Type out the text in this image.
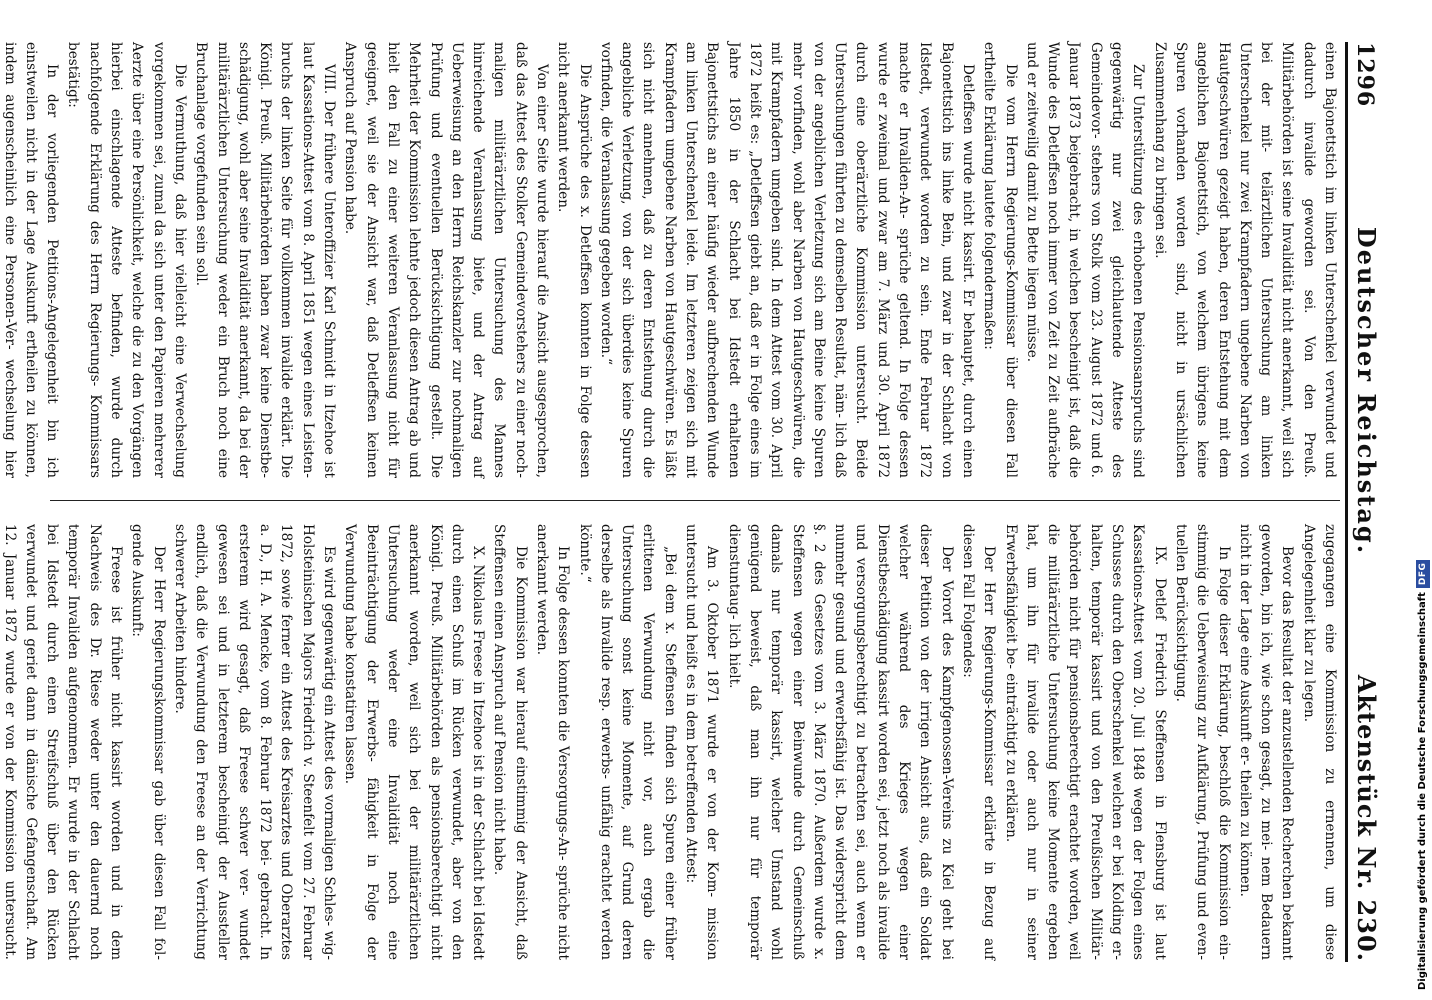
1296
Deutscher Reichstag.
Aktenstück Nr. 230.

einen Bajonettstich im linken Unterschenkel verwundet und dadurch invalide geworden sei. Von den Preuß. Militärbehörden ist seine Invalidität nicht anerkannt, weil sich bei der mit- telärztlichen Untersuchung am linken Unterschenkel nur zwei Krampfadern ungebene Narben von Hautgeschwüren gezeigt haben, deren Entstehung mit dem angeblichen Bajonettstich, von welchem übrigens keine Spuren vorhanden worden sind, nicht in ursächlichen Zusammenhang zu bringen sei.

Zur Unterstützung des erhobenen Pensionsanspruchs sind gegenwärtig nur zwei gleichlautende Atteste des Gemeindevor- stehers von Stolk vom 23. August 1872 und 6. Januar 1873 beigebracht, in welchen bescheinigt ist, daß die Wunde des Detleffsen noch immer von Zeit zu Zeit aufbräche und er zeitweilig damit zu Bette liegen müsse.

Die vom Herrn Regierungs-Kommissar über diesen Fall ertheilte Erklärung lautete folgendermaßen:

Detleffsen wurde nicht kassirt. Er behauptet, durch einen Bajonettstich ins linke Bein, und zwar in der Schlacht von Idstedt, verwundet worden zu sein. Ende Februar 1872 machte er Invaliden-An- sprüche geltend. In Folge dessen wurde er zweimal und zwar am 7. März und 30. April 1872 durch eine oberärztliche Kommission untersucht. Beide Untersuchungen führten zu demselben Resultat, näm- lich daß von der angeblichen Verletzung sich am Beine keine Spuren mehr vorfinden, wohl aber Narben von Hautgeschwüren, die mit Krampfadern umgeben sind. In dem Attest vom 30. April 1872 heißt es: „Detleffsen giebt an, daß er in Folge eines im Jahre 1850 in der Schlacht bei Idstedt erhaltenen Bajonettstichs an einer häufig wieder aufbrechenden Wunde am linken Unterschenkel leide. Im letzteren zeigen sich mit Krampfadern umgebene Narben von Hautgeschwüren. Es läßt sich nicht annehmen, daß zu deren Entstehung durch die angebliche Verletzung, von der sich überdies keine Spuren vorfinden, die Veranlassung gegeben worden.“

Die Ansprüche des x. Detleffsen konnten in Folge dessen nicht anerkannt werden.

Von einer Seite wurde hierauf die Ansicht ausgesprochen, daß das Attest des Stolker Gemeindevorstehers zu einer noch- maligen militärärztlichen Untersuchung des Mannes hinreichende Veranlassung biete, und der Antrag auf Ueberweisung an den Herrn Reichskanzler zur nochmaligen Prüfung und eventuellen Berücksichtigung gestellt. Die Mehrheit der Kommission lehnte jedoch diesen Antrag ab und hielt den Fall zu einer weiteren Veranlassung nicht für geeignet, weil sie der Ansicht war, daß Detleffsen keinen Anspruch auf Pension habe.

VIII. Der frühere Unteroffizier Karl Schmidt in Itzehoe ist laut Kassations-Attest vom 8. April 1851 wegen eines Leisten- bruchs der linken Seite für vollkommen invalide erklärt. Die Königl. Preuß. Militärbehörden haben zwar keine Dienstbe- schädigung, wohl aber seine Invalidität anerkannt, da bei der militärärztlichen Untersuchung weder ein Bruch noch eine Bruchanlage vorgefunden sein soll.

Die Vermuthung, daß hier vielleicht eine Verwechselung vorgekommen sei, zumal da sich unter den Papieren mehrerer Aerzte über eine Persönlichkeit, welche die zu den Vorgängen hierbei einschlagende Atteste befinden, wurde durch nachfolgende Erklärung des Herrn Regierungs- Kommissars bestätigt:

In der vorliegenden Petitions-Angelegenheit bin ich einstweilen nicht in der Lage Auskunft ertheilen zu können, indem augenscheinlich eine Personen-Ver- wechselung hier

zugegangen eine Kommission zu ernennen, um diese Angelegenheit klar zu legen.

Bevor das Resultat der anzustellenden Recherchen bekannt geworden, bin ich, wie schon gesagt, zu mei- nem Bedauern nicht in der Lage eine Auskunft er- theilen zu können.

In Folge dieser Erklärung, beschloß die Kommission ein- stimmig die Ueberweisung zur Aufklärung, Prüfung und even- tuellen Berücksichtigung.

IX. Detlef Friedrich Steffensen in Flensburg ist laut Kassations-Attest vom 20. Juli 1848 wegen der Folgen eines Schusses durch den Oberschenkel welchen er bei Kolding er- halten, temporär kassirt und von den Preußischen Militär- behörden nicht für pensionsberechtigt erachtet worden, weil die militärärztliche Untersuchung keine Momente ergeben hat, um ihn für invalide oder auch nur in seiner Erwerbsfähigkeit be- einträchtigt zu erklären.

Der Herr Regierungs-Kommissar erklärte in Bezug auf diesen Fall Folgendes:

Der Vorort des Kampfgenossen-Vereins zu Kiel geht bei dieser Petition von der irrigen Ansicht aus, daß ein Soldat welcher während des Krieges wegen einer Dienstbeschädigung kassirt worden sei, jetzt noch als invalide und versorgungsberechtigt zu betrachten sei, auch wenn er nunmehr gesund und erwerbsfähig ist. Das widerspricht dem §. 2 des Gesetzes vom 3. März 1870. Außerdem wurde x. Steffensen wegen einer Beinwunde durch Gemeinschuß damals nur temporär kassirt, welcher Umstand wohl genügend beweist, daß man ihn nur für temporär dienstuntaug- lich hielt.

Am 3. Oktober 1871 wurde er von der Kom- mission untersucht und heißt es in dem betreffenden Attest:

„Bei dem x. Steffensen finden sich Spuren einer früher erlittenen Verwundung nicht vor, auch ergab die Untersuchung sonst keine Momente, auf Grund deren derselbe als Invalide resp. erwerbs- unfähig erachtet werden könnte.“

In Folge dessen konnten die Versorgungs-An- sprüche nicht anerkannt werden.

Die Kommission war hierauf einstimmig der Ansicht, daß Steffensen einen Anspruch auf Pension nicht habe.

X. Nikolaus Freese in Itzehoe ist in der Schlacht bei Idstedt durch einen Schuß im Rücken verwundet, aber von den Königl. Preuß. Militärbehörden als pensionsberechtigt nicht anerkannt worden, weil sich bei der militärärztlichen Untersuchung weder eine Invalidität noch eine Beeinträchtigung der Erwerbs- fähigkeit in Folge der Verwundung habe konstatiren lassen.

Es wird gegenwärtig ein Attest des vormaligen Schles- wig-Holsteinischen Majors Friedrich v. Steenfelt vom 27. Februar 1872, sowie ferner ein Attest des Kreisarztes und Oberarztes a. D., H. A. Mencke, vom 8. Februar 1872 bei- gebracht. In ersterem wird gesagt, daß Freese schwer ver- wundet gewesen sei und in letzterem bescheinigt der Aussteller endlich, daß die Verwundung den Freese an der Verrichtung schwerer Arbeiten hindere.

Der Herr Regierungskommissar gab über diesen Fall fol- gende Auskunft:

Freese ist früher nicht kassirt worden und in dem Nachweis des Dr. Riese weder unter den dauernd noch temporär Invaliden aufgenommen. Er wurde in der Schlacht bei Idstedt durch einen Streifschuß über den Rücken verwundet und geriet dann in dänische Gefangenschaft. Am 12. Januar 1872 wurde er von der Kommission untersucht.	Digitalisierung gefördert durch die Deutsche ForschungsgemeinschaftDFG
